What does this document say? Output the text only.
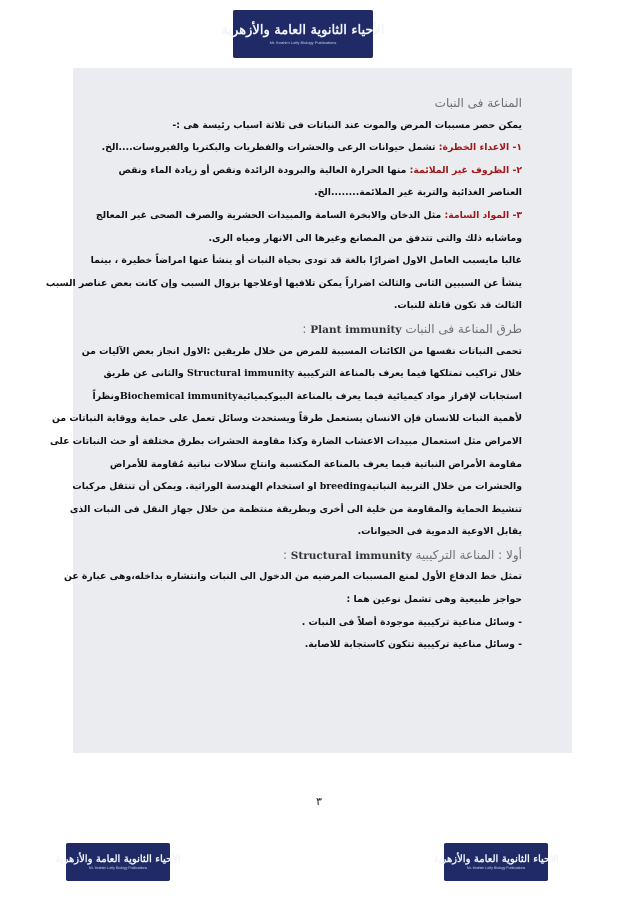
الأحياء الثانوية العامة والأزهرية
Mr. Ibrahim Lotfy Biology Publications
المناعة فى النبات
يمكن حصر مسببات المرض والموت عند النباتات فى ثلاثة اسباب رئيسة هى :-
١- الاعداء الخطرة: تشمل حيوانات الرعى والحشرات والفطريات والبكتريا والفيروسات....الخ.
٢- الظروف غير الملائمة: منها الحرارة العالية والبرودة الزائدة ونقص أو زيادة الماء ونقص
العناصر الغذائية والتربة غير الملائمة........الخ.
٣- المواد السامة: مثل الدخان والابخرة السامة والمبيدات الحشرية والصرف الصحى غير المعالج
وماشابه ذلك والتى تتدفق من المصانع وغيرها الى الانهار ومياه الرى.
غالبا مايسبب العامل الاول اضرارًا بالغة قد تودى بحياة النبات أو ينشأ عنها امراضاً خطيرة ، بينما
ينشأ عن السببين الثانى والثالث اضراراً يمكن تلافيها أوعلاجها بزوال السبب وإن كانت بعض عناصر السبب
الثالث قد تكون قاتلة للنبات.
طرق المناعة فى النبات Plant immunity :
تحمى النباتات نفسها من الكائنات المسببة للمرض من خلال طريقين :الاول انجاز بعض الآليات من
خلال تراكيب تمتلكها فيما يعرف بالمناعة التركيبية Structural immunity والثانى عن طريق
استجابات لإفراز مواد كيميائية فيما يعرف بالمناعة البيوكيميائيةBiochemical immunityونظراً
لأهمية النبات للانسان فإن الانسان يستعمل طرقاً ويستحدث وسائل تعمل على حماية ووقاية النباتات من
الامراض مثل استعمال مبيدات الاعشاب الضارة وكذا مقاومة الحشرات بطرق مختلفة أو حث النباتات على
مقاومة الأمراض النباتية فيما يعرف بالمناعة المكتسبة وانتاج سلالات نباتية مُقاومة للأمراض
والحشرات من خلال التربية النباتيةbreeding او استخدام الهندسة الوراثية. ويمكن أن تنتقل مركبات
تنشيط الحماية والمقاومة من خلية الى أخرى وبطريقة منتظمة من خلال جهاز النقل فى النبات الذى
يقابل الاوعية الدموية فى الحيوانات.
أولا : المناعة التركيبية Structural immunity :
تمثل خط الدفاع الأول لمنع المسببات المرضيه من الدخول الى النبات وانتشاره بداخله،وهى عبارة عن
حواجز طبيعية وهى تشمل نوعين هما :
- وسائل مناعية تركيبية موجودة أصلاً فى النبات .
- وسائل مناعية تركيبية تتكون كاستجابة للاصابة.
٣
الأحياء الثانوية العامة والأزهرية
Mr. Ibrahim Lotfy Biology Publications
الأحياء الثانوية العامة والأزهرية
Mr. Ibrahim Lotfy Biology Publications
